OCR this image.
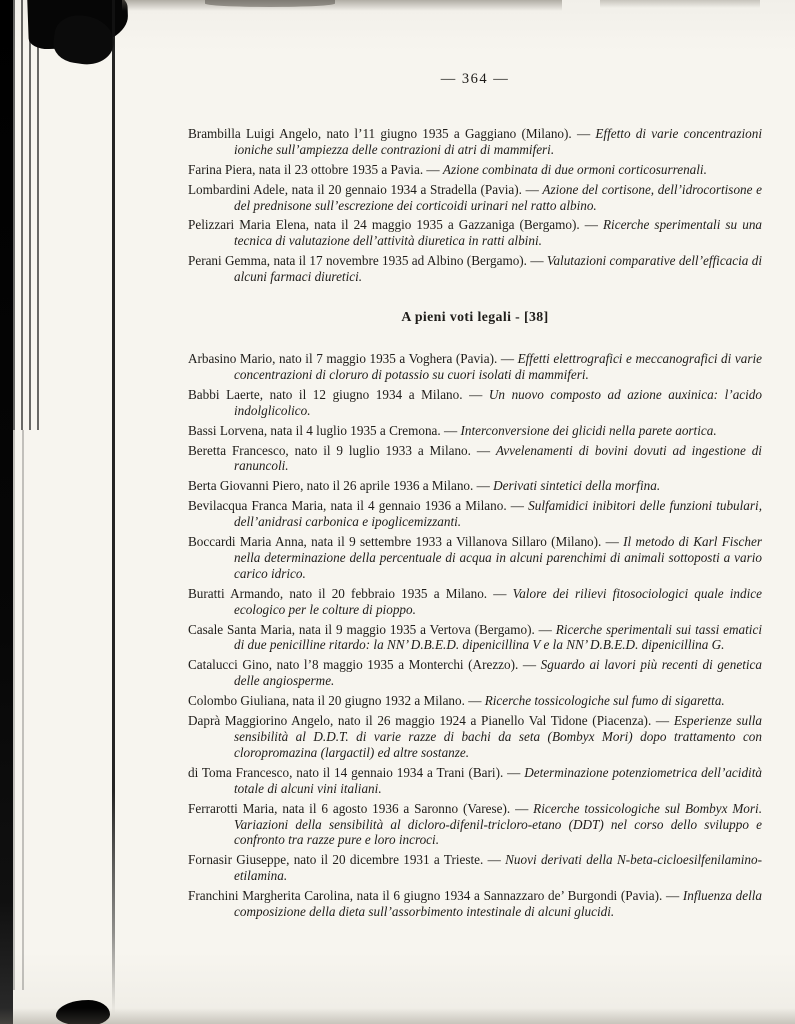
— 364 —

Brambilla Luigi Angelo, nato l’11 giugno 1935 a Gaggiano (Milano). — Effetto di varie concentrazioni ioniche sull’ampiezza delle contrazioni di atri di mammiferi.

Farina Piera, nata il 23 ottobre 1935 a Pavia. — Azione combinata di due ormoni corticosurrenali.

Lombardini Adele, nata il 20 gennaio 1934 a Stradella (Pavia). — Azione del cortisone, dell’idrocortisone e del prednisone sull’escrezione dei corticoidi urinari nel ratto albino.

Pelizzari Maria Elena, nata il 24 maggio 1935 a Gazzaniga (Bergamo). — Ricerche sperimentali su una tecnica di valutazione dell’attività diuretica in ratti albini.

Perani Gemma, nata il 17 novembre 1935 ad Albino (Bergamo). — Valutazioni comparative dell’efficacia di alcuni farmaci diuretici.

A pieni voti legali - [38]

Arbasino Mario, nato il 7 maggio 1935 a Voghera (Pavia). — Effetti elettrografici e meccanografici di varie concentrazioni di cloruro di potassio su cuori isolati di mammiferi.

Babbi Laerte, nato il 12 giugno 1934 a Milano. — Un nuovo composto ad azione auxinica: l’acido indolglicolico.

Bassi Lorvena, nata il 4 luglio 1935 a Cremona. — Interconversione dei glicidi nella parete aortica.

Beretta Francesco, nato il 9 luglio 1933 a Milano. — Avvelenamenti di bovini dovuti ad ingestione di ranuncoli.

Berta Giovanni Piero, nato il 26 aprile 1936 a Milano. — Derivati sintetici della morfina.

Bevilacqua Franca Maria, nata il 4 gennaio 1936 a Milano. — Sulfamidici inibitori delle funzioni tubulari, dell’anidrasi carbonica e ipoglicemizzanti.

Boccardi Maria Anna, nata il 9 settembre 1933 a Villanova Sillaro (Milano). — Il metodo di Karl Fischer nella determinazione della percentuale di acqua in alcuni parenchimi di animali sottoposti a vario carico idrico.

Buratti Armando, nato il 20 febbraio 1935 a Milano. — Valore dei rilievi fitosociologici quale indice ecologico per le colture di pioppo.

Casale Santa Maria, nata il 9 maggio 1935 a Vertova (Bergamo). — Ricerche sperimentali sui tassi ematici di due penicilline ritardo: la NN’ D.B.E.D. dipenicillina V e la NN’ D.B.E.D. dipenicillina G.

Catalucci Gino, nato l’8 maggio 1935 a Monterchi (Arezzo). — Sguardo ai lavori più recenti di genetica delle angiosperme.

Colombo Giuliana, nata il 20 giugno 1932 a Milano. — Ricerche tossicologiche sul fumo di sigaretta.

Daprà Maggiorino Angelo, nato il 26 maggio 1924 a Pianello Val Tidone (Piacenza). — Esperienze sulla sensibilità al D.D.T. di varie razze di bachi da seta (Bombyx Mori) dopo trattamento con cloropromazina (largactil) ed altre sostanze.

di Toma Francesco, nato il 14 gennaio 1934 a Trani (Bari). — Determinazione potenziometrica dell’acidità totale di alcuni vini italiani.

Ferrarotti Maria, nata il 6 agosto 1936 a Saronno (Varese). — Ricerche tossicologiche sul Bombyx Mori. Variazioni della sensibilità al dicloro-difenil-tricloro-etano (DDT) nel corso dello sviluppo e confronto tra razze pure e loro incroci.

Fornasir Giuseppe, nato il 20 dicembre 1931 a Trieste. — Nuovi derivati della N-beta-cicloesilfenilamino-etilamina.

Franchini Margherita Carolina, nata il 6 giugno 1934 a Sannazzaro de’ Burgondi (Pavia). — Influenza della composizione della dieta sull’assorbimento intestinale di alcuni glucidi.
